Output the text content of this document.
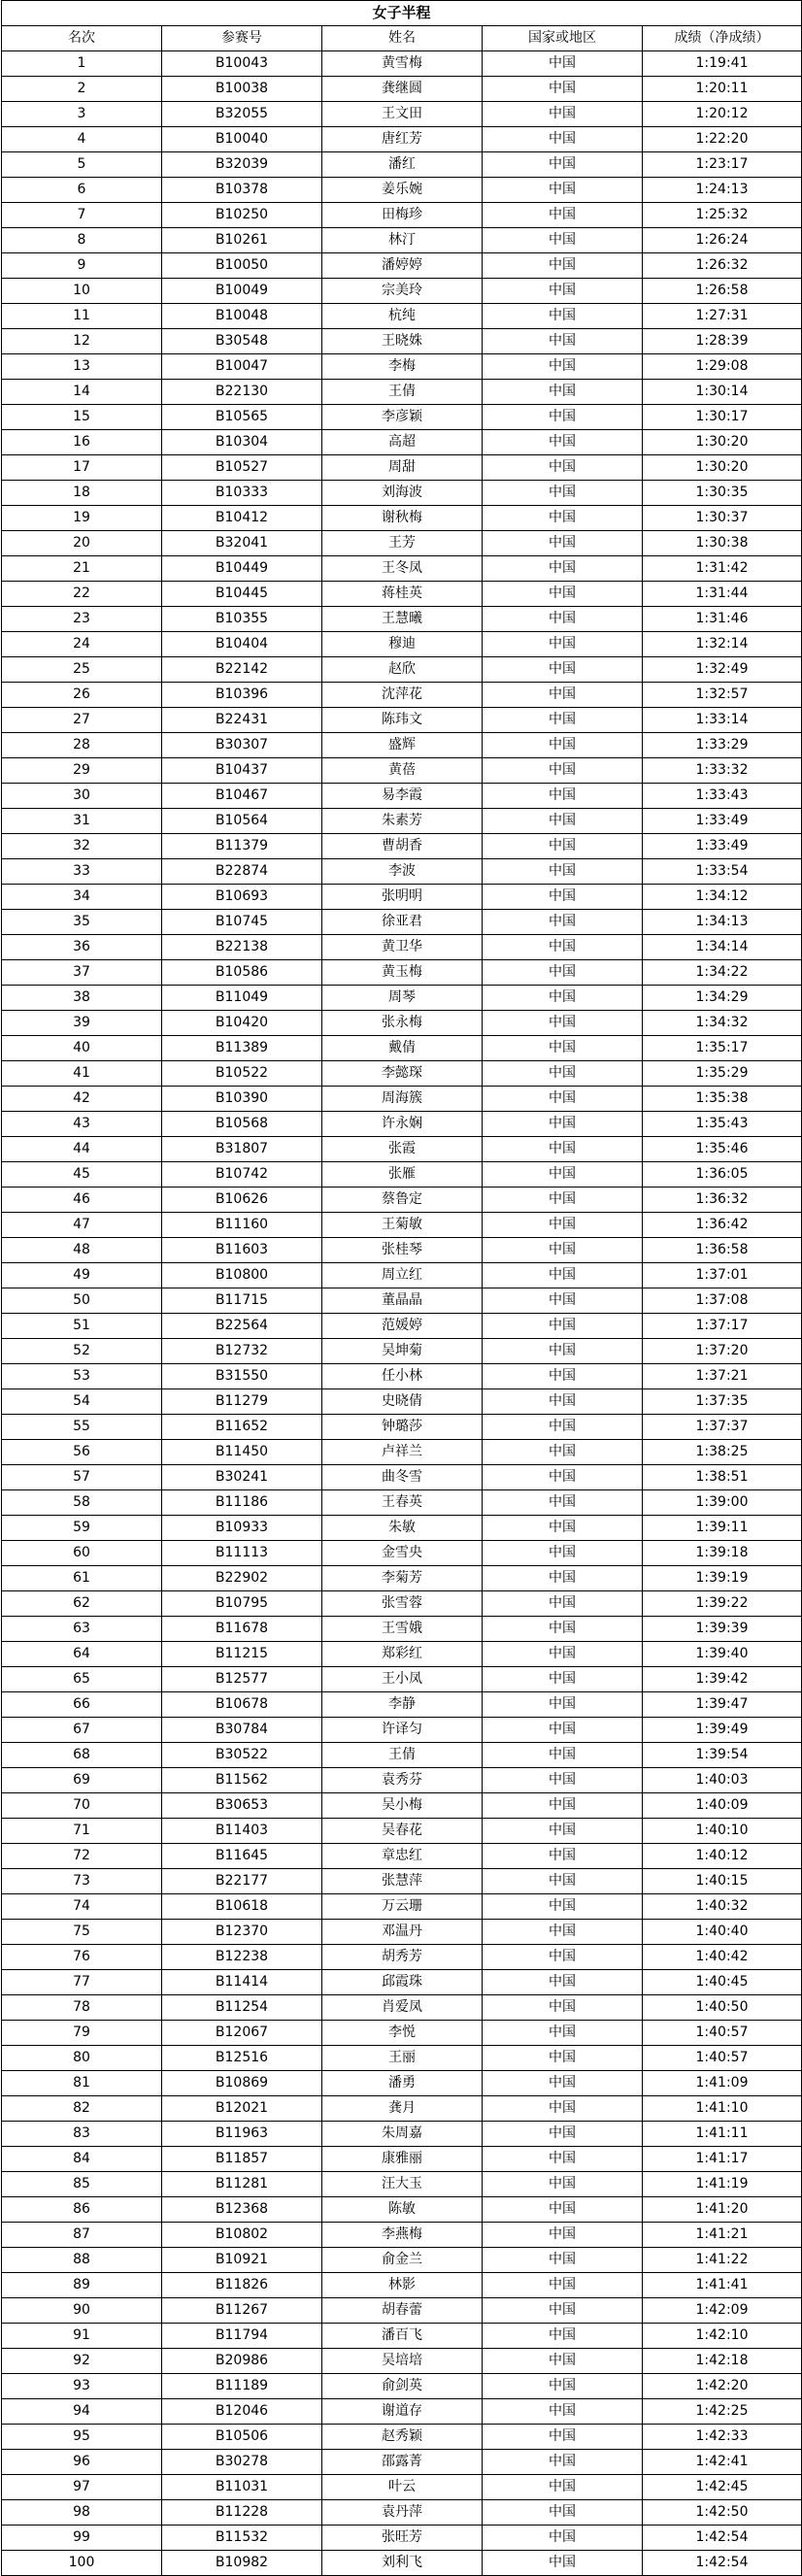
女子半程
名次	参赛号	姓名	国家或地区	成绩（净成绩）
1	B10043	黄雪梅	中国	1:19:41
2	B10038	龚继圆	中国	1:20:11
3	B32055	王文田	中国	1:20:12
4	B10040	唐红芳	中国	1:22:20
5	B32039	潘红	中国	1:23:17
6	B10378	姜乐婉	中国	1:24:13
7	B10250	田梅珍	中国	1:25:32
8	B10261	林汀	中国	1:26:24
9	B10050	潘婷婷	中国	1:26:32
10	B10049	宗美玲	中国	1:26:58
11	B10048	杭纯	中国	1:27:31
12	B30548	王晓姝	中国	1:28:39
13	B10047	李梅	中国	1:29:08
14	B22130	王倩	中国	1:30:14
15	B10565	李彦颖	中国	1:30:17
16	B10304	高超	中国	1:30:20
17	B10527	周甜	中国	1:30:20
18	B10333	刘海波	中国	1:30:35
19	B10412	谢秋梅	中国	1:30:37
20	B32041	王芳	中国	1:30:38
21	B10449	王冬凤	中国	1:31:42
22	B10445	蒋桂英	中国	1:31:44
23	B10355	王慧曦	中国	1:31:46
24	B10404	穆迪	中国	1:32:14
25	B22142	赵欣	中国	1:32:49
26	B10396	沈萍花	中国	1:32:57
27	B22431	陈玮文	中国	1:33:14
28	B30307	盛辉	中国	1:33:29
29	B10437	黄蓓	中国	1:33:32
30	B10467	易李霞	中国	1:33:43
31	B10564	朱素芳	中国	1:33:49
32	B11379	曹胡香	中国	1:33:49
33	B22874	李波	中国	1:33:54
34	B10693	张明明	中国	1:34:12
35	B10745	徐亚君	中国	1:34:13
36	B22138	黄卫华	中国	1:34:14
37	B10586	黄玉梅	中国	1:34:22
38	B11049	周琴	中国	1:34:29
39	B10420	张永梅	中国	1:34:32
40	B11389	戴倩	中国	1:35:17
41	B10522	李懿琛	中国	1:35:29
42	B10390	周海簇	中国	1:35:38
43	B10568	许永娴	中国	1:35:43
44	B31807	张霞	中国	1:35:46
45	B10742	张雁	中国	1:36:05
46	B10626	蔡鲁定	中国	1:36:32
47	B11160	王菊敏	中国	1:36:42
48	B11603	张桂琴	中国	1:36:58
49	B10800	周立红	中国	1:37:01
50	B11715	董晶晶	中国	1:37:08
51	B22564	范媛婷	中国	1:37:17
52	B12732	吴坤菊	中国	1:37:20
53	B31550	任小林	中国	1:37:21
54	B11279	史晓倩	中国	1:37:35
55	B11652	钟璐莎	中国	1:37:37
56	B11450	卢祥兰	中国	1:38:25
57	B30241	曲冬雪	中国	1:38:51
58	B11186	王春英	中国	1:39:00
59	B10933	朱敏	中国	1:39:11
60	B11113	金雪央	中国	1:39:18
61	B22902	李菊芳	中国	1:39:19
62	B10795	张雪蓉	中国	1:39:22
63	B11678	王雪娥	中国	1:39:39
64	B11215	郑彩红	中国	1:39:40
65	B12577	王小凤	中国	1:39:42
66	B10678	李静	中国	1:39:47
67	B30784	许译匀	中国	1:39:49
68	B30522	王倩	中国	1:39:54
69	B11562	袁秀芬	中国	1:40:03
70	B30653	吴小梅	中国	1:40:09
71	B11403	吴春花	中国	1:40:10
72	B11645	章忠红	中国	1:40:12
73	B22177	张慧萍	中国	1:40:15
74	B10618	万云珊	中国	1:40:32
75	B12370	邓温丹	中国	1:40:40
76	B12238	胡秀芳	中国	1:40:42
77	B11414	邱霞珠	中国	1:40:45
78	B11254	肖爱凤	中国	1:40:50
79	B12067	李悦	中国	1:40:57
80	B12516	王丽	中国	1:40:57
81	B10869	潘勇	中国	1:41:09
82	B12021	龚月	中国	1:41:10
83	B11963	朱周嘉	中国	1:41:11
84	B11857	康雅丽	中国	1:41:17
85	B11281	汪大玉	中国	1:41:19
86	B12368	陈敏	中国	1:41:20
87	B10802	李燕梅	中国	1:41:21
88	B10921	俞金兰	中国	1:41:22
89	B11826	林影	中国	1:41:41
90	B11267	胡春蕾	中国	1:42:09
91	B11794	潘百飞	中国	1:42:10
92	B20986	吴培培	中国	1:42:18
93	B11189	俞剑英	中国	1:42:20
94	B12046	谢道存	中国	1:42:25
95	B10506	赵秀颖	中国	1:42:33
96	B30278	邵露菁	中国	1:42:41
97	B11031	叶云	中国	1:42:45
98	B11228	袁丹萍	中国	1:42:50
99	B11532	张旺芳	中国	1:42:54
100	B10982	刘利飞	中国	1:42:54
